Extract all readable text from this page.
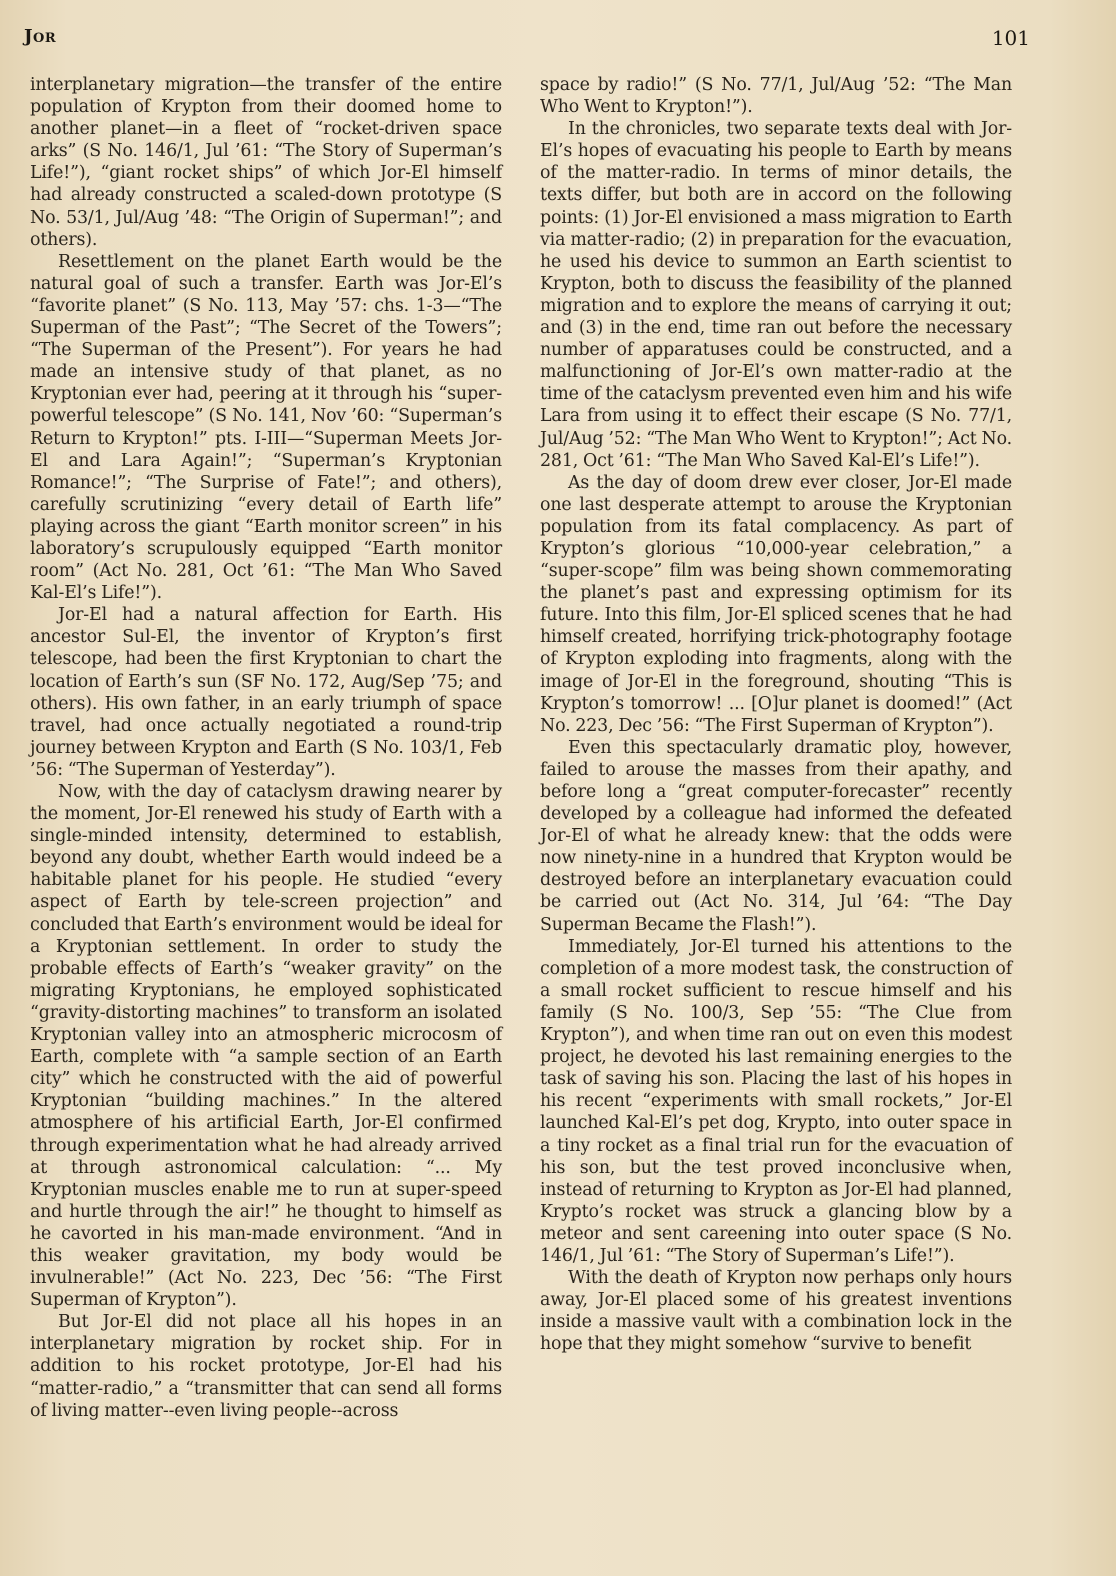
Jor	101

interplanetary migration—the transfer of the entire population of Krypton from their doomed home to another planet—in a fleet of “rocket-driven space arks” (S No. 146/1, Jul ’61: “The Story of Superman’s Life!”), “giant rocket ships” of which Jor-El himself had already constructed a scaled-down prototype (S No. 53/1, Jul/Aug ’48: “The Origin of Superman!”; and others).

Resettlement on the planet Earth would be the natural goal of such a transfer. Earth was Jor-El’s “favorite planet” (S No. 113, May ’57: chs. 1-3—“The Superman of the Past”; “The Secret of the Towers”; “The Superman of the Present”). For years he had made an intensive study of that planet, as no Kryptonian ever had, peering at it through his “super-powerful telescope” (S No. 141, Nov ’60: “Superman’s Return to Krypton!” pts. I-III—“Superman Meets Jor-El and Lara Again!”; “Superman’s Kryptonian Romance!”; “The Surprise of Fate!”; and others), carefully scrutinizing “every detail of Earth life” playing across the giant “Earth monitor screen” in his laboratory’s scrupulously equipped “Earth monitor room” (Act No. 281, Oct ’61: “The Man Who Saved Kal-El’s Life!”).

Jor-El had a natural affection for Earth. His ancestor Sul-El, the inventor of Krypton’s first telescope, had been the first Kryptonian to chart the location of Earth’s sun (SF No. 172, Aug/Sep ’75; and others). His own father, in an early triumph of space travel, had once actually negotiated a round-trip journey between Krypton and Earth (S No. 103/1, Feb ’56: “The Superman of Yesterday”).

Now, with the day of cataclysm drawing nearer by the moment, Jor-El renewed his study of Earth with a single-minded intensity, determined to establish, beyond any doubt, whether Earth would indeed be a habitable planet for his people. He studied “every aspect of Earth by tele-screen projection” and concluded that Earth’s environment would be ideal for a Kryptonian settlement. In order to study the probable effects of Earth’s “weaker gravity” on the migrating Kryptonians, he employed sophisticated “gravity-distorting machines” to transform an isolated Kryptonian valley into an atmospheric microcosm of Earth, complete with “a sample section of an Earth city” which he constructed with the aid of powerful Kryptonian “building machines.” In the altered atmosphere of his artificial Earth, Jor-El confirmed through experimentation what he had already arrived at through astronomical calculation: “... My Kryptonian muscles enable me to run at super-speed and hurtle through the air!” he thought to himself as he cavorted in his man-made environment. “And in this weaker gravitation, my body would be invulnerable!” (Act No. 223, Dec ’56: “The First Superman of Krypton”).

But Jor-El did not place all his hopes in an interplanetary migration by rocket ship. For in addition to his rocket prototype, Jor-El had his “matter-radio,” a “transmitter that can send all forms of living matter--even living people--across

space by radio!” (S No. 77/1, Jul/Aug ’52: “The Man Who Went to Krypton!”).

In the chronicles, two separate texts deal with Jor-El’s hopes of evacuating his people to Earth by means of the matter-radio. In terms of minor details, the texts differ, but both are in accord on the following points: (1) Jor-El envisioned a mass migration to Earth via matter-radio; (2) in preparation for the evacuation, he used his device to summon an Earth scientist to Krypton, both to discuss the feasibility of the planned migration and to explore the means of carrying it out; and (3) in the end, time ran out before the necessary number of apparatuses could be constructed, and a malfunctioning of Jor-El’s own matter-radio at the time of the cataclysm prevented even him and his wife Lara from using it to effect their escape (S No. 77/1, Jul/Aug ’52: “The Man Who Went to Krypton!”; Act No. 281, Oct ’61: “The Man Who Saved Kal-El’s Life!”).

As the day of doom drew ever closer, Jor-El made one last desperate attempt to arouse the Kryptonian population from its fatal complacency. As part of Krypton’s glorious “10,000-year celebration,” a “super-scope” film was being shown commemorating the planet’s past and expressing optimism for its future. Into this film, Jor-El spliced scenes that he had himself created, horrifying trick-photography footage of Krypton exploding into fragments, along with the image of Jor-El in the foreground, shouting “This is Krypton’s tomorrow! ... [O]ur planet is doomed!” (Act No. 223, Dec ’56: “The First Superman of Krypton”).

Even this spectacularly dramatic ploy, however, failed to arouse the masses from their apathy, and before long a “great computer-forecaster” recently developed by a colleague had informed the defeated Jor-El of what he already knew: that the odds were now ninety-nine in a hundred that Krypton would be destroyed before an interplanetary evacuation could be carried out (Act No. 314, Jul ’64: “The Day Superman Became the Flash!”).

Immediately, Jor-El turned his attentions to the completion of a more modest task, the construction of a small rocket sufficient to rescue himself and his family (S No. 100/3, Sep ’55: “The Clue from Krypton”), and when time ran out on even this modest project, he devoted his last remaining energies to the task of saving his son. Placing the last of his hopes in his recent “experiments with small rockets,” Jor-El launched Kal-El’s pet dog, Krypto, into outer space in a tiny rocket as a final trial run for the evacuation of his son, but the test proved inconclusive when, instead of returning to Krypton as Jor-El had planned, Krypto’s rocket was struck a glancing blow by a meteor and sent careening into outer space (S No. 146/1, Jul ’61: “The Story of Superman’s Life!”).

With the death of Krypton now perhaps only hours away, Jor-El placed some of his greatest inventions inside a massive vault with a combination lock in the hope that they might somehow “survive to benefit
